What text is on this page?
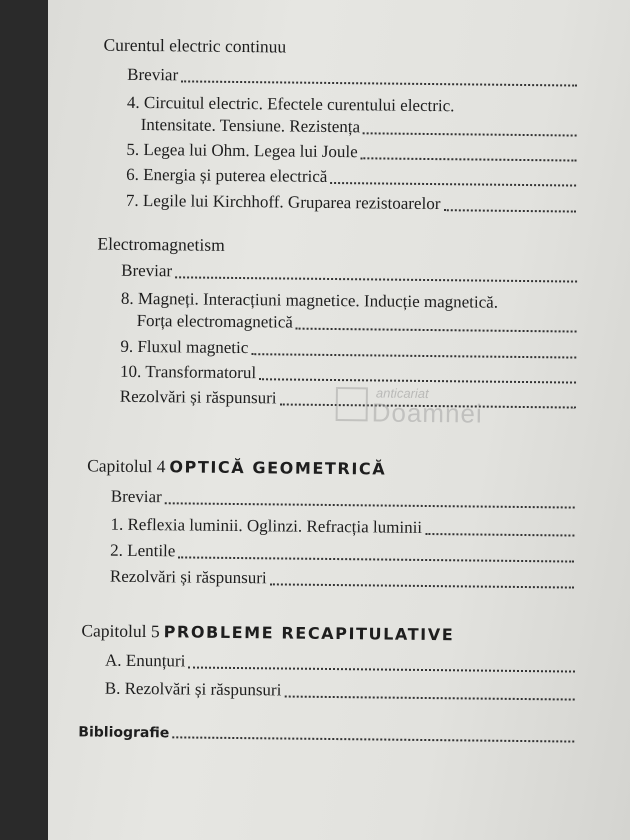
Curentul electric continuu
Breviar
4. Circuitul electric. Efectele curentului electric.
Intensitate. Tensiune. Rezistența
5. Legea lui Ohm. Legea lui Joule
6. Energia și puterea electrică
7. Legile lui Kirchhoff. Gruparea rezistoarelor
Electromagnetism
Breviar
8. Magneți. Interacțiuni magnetice. Inducție magnetică.
Forța electromagnetică
9. Fluxul magnetic
10. Transformatorul
Rezolvări și răspunsuri	anticariat
Doamnei
Capitolul 4 OPTICĂ GEOMETRICĂ
Breviar
1. Reflexia luminii. Oglinzi. Refracția luminii
2. Lentile
Rezolvări și răspunsuri
Capitolul 5 PROBLEME RECAPITULATIVE
A. Enunțuri
B. Rezolvări și răspunsuri
Bibliografie
